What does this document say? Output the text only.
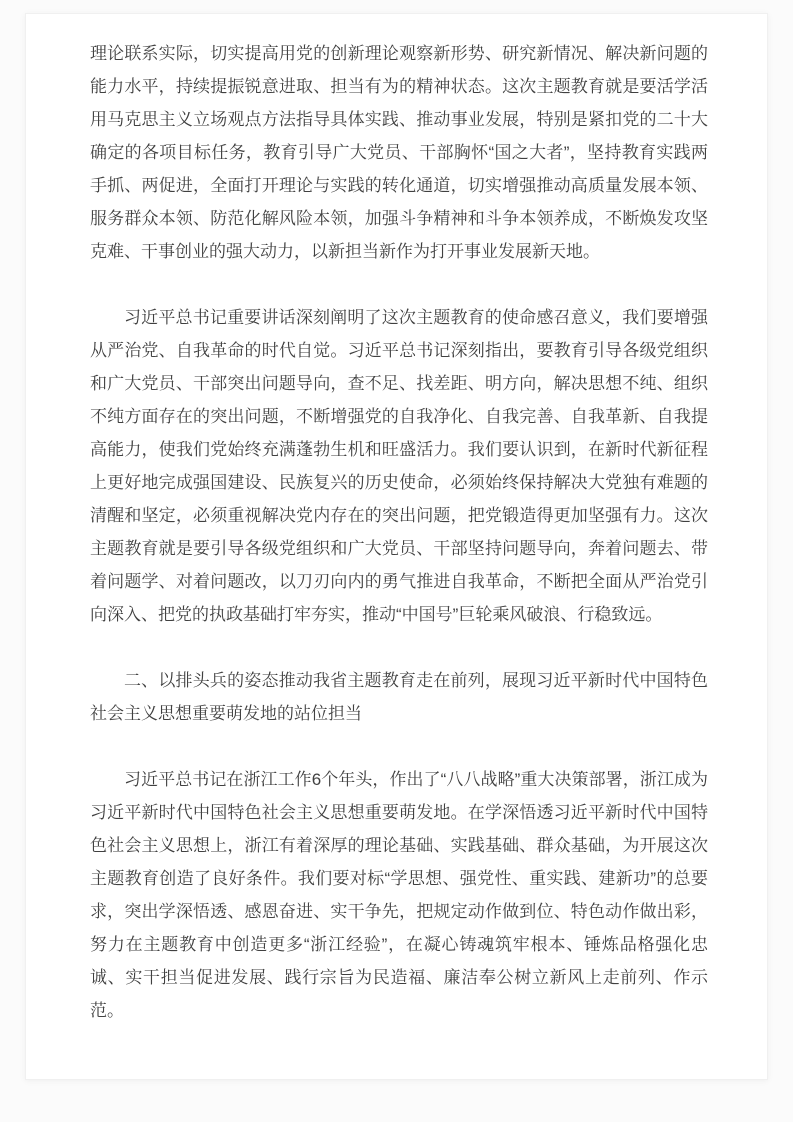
理论联系实际，切实提高用党的创新理论观察新形势、研究新情况、解决新问题的能力水平，持续提振锐意进取、担当有为的精神状态。这次主题教育就是要活学活用马克思主义立场观点方法指导具体实践、推动事业发展，特别是紧扣党的二十大确定的各项目标任务，教育引导广大党员、干部胸怀“国之大者”，坚持教育实践两手抓、两促进，全面打开理论与实践的转化通道，切实增强推动高质量发展本领、服务群众本领、防范化解风险本领，加强斗争精神和斗争本领养成，不断焕发攻坚克难、干事创业的强大动力，以新担当新作为打开事业发展新天地。

习近平总书记重要讲话深刻阐明了这次主题教育的使命感召意义，我们要增强从严治党、自我革命的时代自觉。习近平总书记深刻指出，要教育引导各级党组织和广大党员、干部突出问题导向，查不足、找差距、明方向，解决思想不纯、组织不纯方面存在的突出问题，不断增强党的自我净化、自我完善、自我革新、自我提高能力，使我们党始终充满蓬勃生机和旺盛活力。我们要认识到，在新时代新征程上更好地完成强国建设、民族复兴的历史使命，必须始终保持解决大党独有难题的清醒和坚定，必须重视解决党内存在的突出问题，把党锻造得更加坚强有力。这次主题教育就是要引导各级党组织和广大党员、干部坚持问题导向，奔着问题去、带着问题学、对着问题改，以刀刃向内的勇气推进自我革命，不断把全面从严治党引向深入、把党的执政基础打牢夯实，推动“中国号”巨轮乘风破浪、行稳致远。

二、以排头兵的姿态推动我省主题教育走在前列，展现习近平新时代中国特色社会主义思想重要萌发地的站位担当

习近平总书记在浙江工作6个年头，作出了“八八战略”重大决策部署，浙江成为习近平新时代中国特色社会主义思想重要萌发地。在学深悟透习近平新时代中国特色社会主义思想上，浙江有着深厚的理论基础、实践基础、群众基础，为开展这次主题教育创造了良好条件。我们要对标“学思想、强党性、重实践、建新功”的总要求，突出学深悟透、感恩奋进、实干争先，把规定动作做到位、特色动作做出彩，努力在主题教育中创造更多“浙江经验”，在凝心铸魂筑牢根本、锤炼品格强化忠诚、实干担当促进发展、践行宗旨为民造福、廉洁奉公树立新风上走前列、作示范。
